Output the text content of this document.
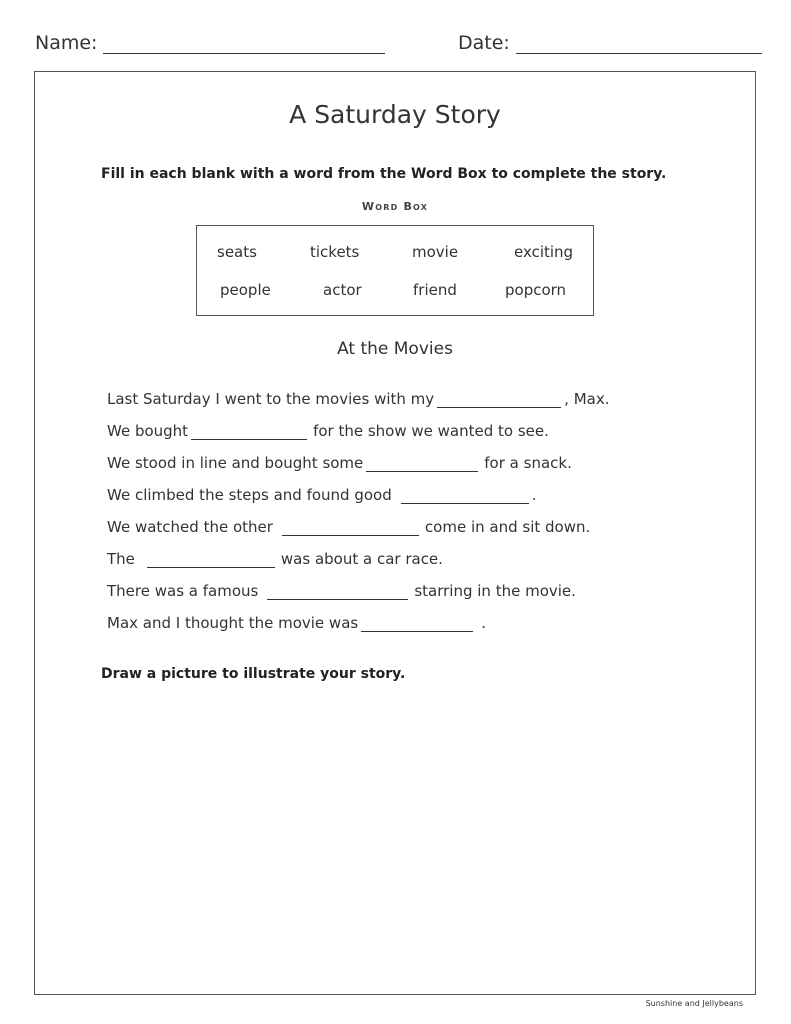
Name:	Date:
A Saturday Story
Fill in each blank with a word from the Word Box to complete the story.
Word Box
seats	tickets	movie	exciting
people	actor	friend	popcorn
At the Movies
Last Saturday I went to the movies with my	, Max.
We bought	for the show we wanted to see.
We stood in line and bought some	for a snack.
We climbed the steps and found good	.
We watched the other	come in and sit down.
The	was about a car race.
There was a famous	starring in the movie.
Max and I thought the movie was	.
Draw a picture to illustrate your story.
Sunshine and Jellybeans
